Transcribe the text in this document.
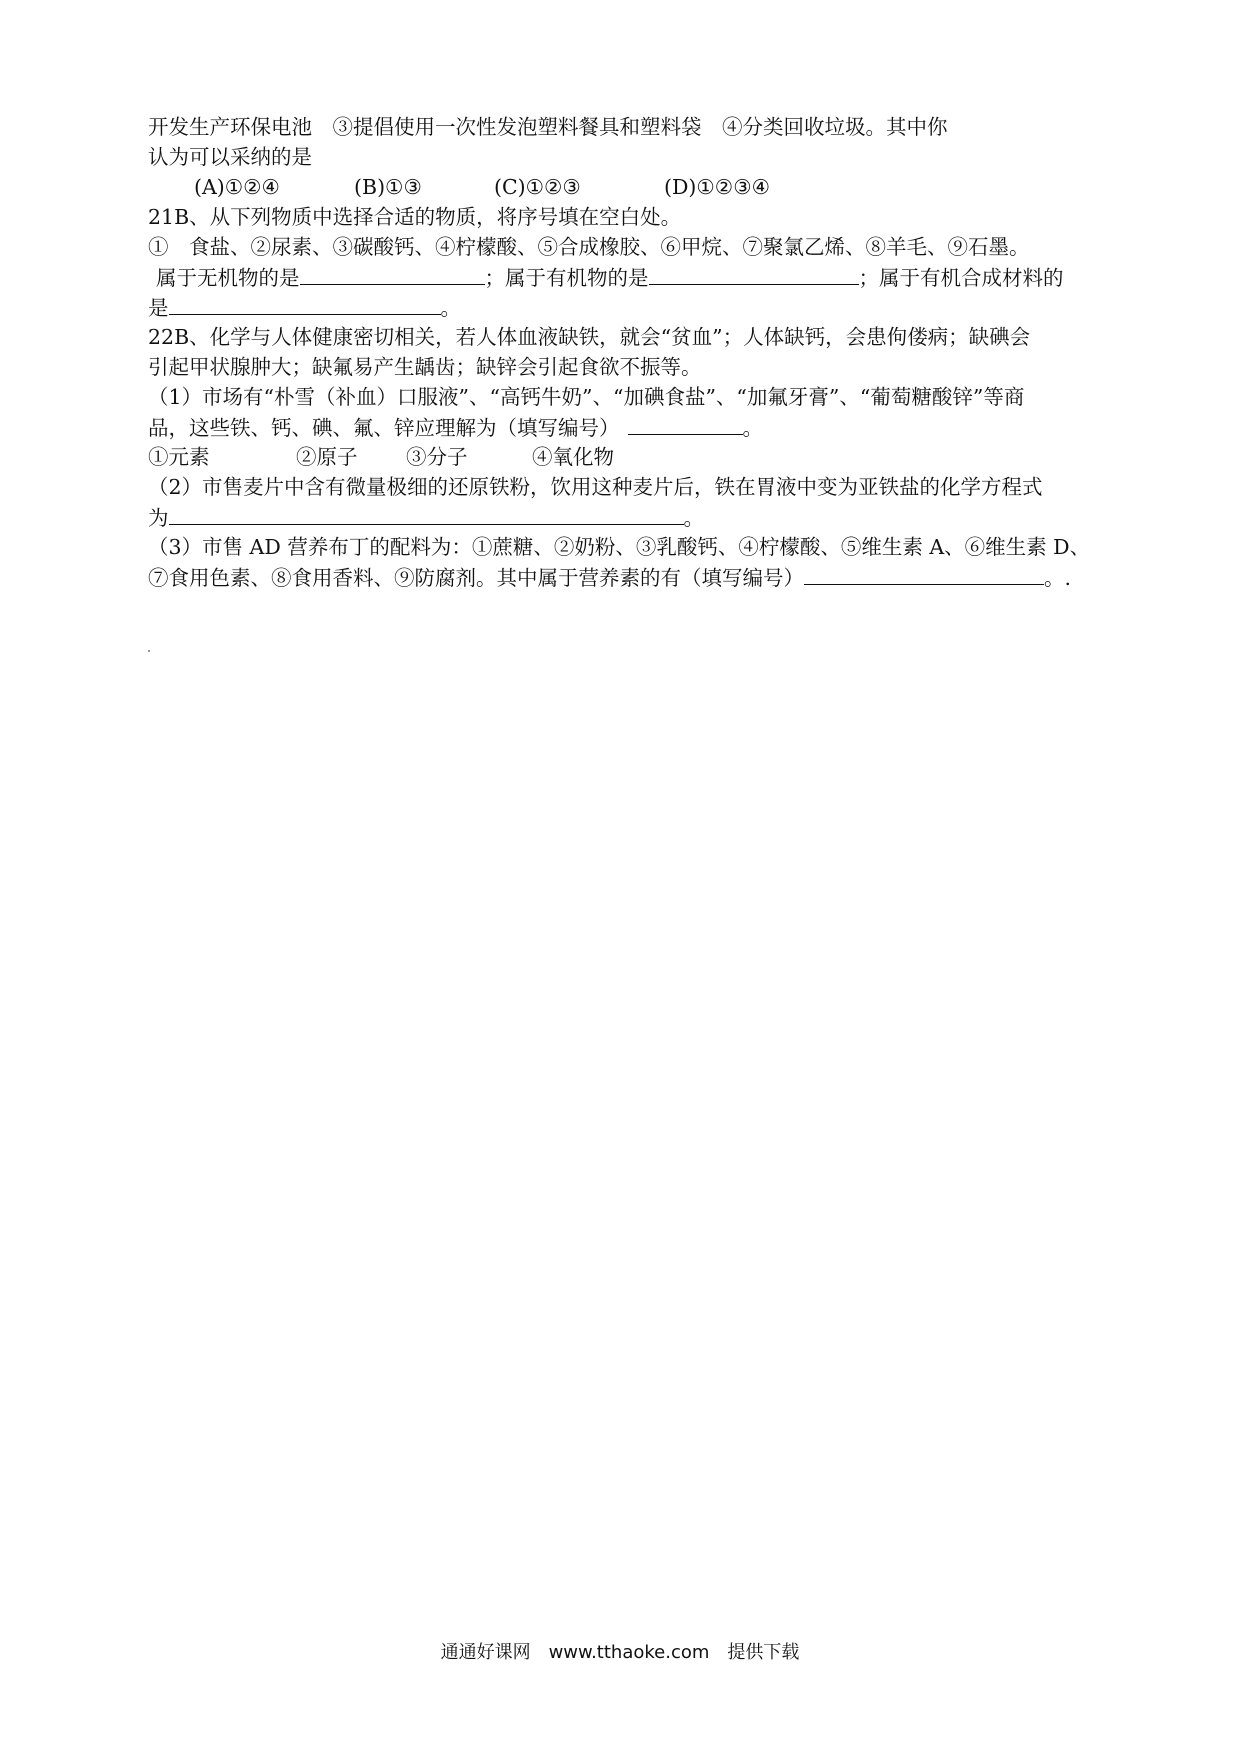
开发生产环保电池　③提倡使用一次性发泡塑料餐具和塑料袋　④分类回收垃圾。其中你
认为可以采纳的是
(A)①②④	(B)①③	(C)①②③	(D)①②③④
21B、从下列物质中选择合适的物质，将序号填在空白处。
①　食盐、②尿素、③碳酸钙、④柠檬酸、⑤合成橡胶、⑥甲烷、⑦聚氯乙烯、⑧羊毛、⑨石墨。
属于无机物的是	；属于有机物的是	；属于有机合成材料的
是	。
22B、化学与人体健康密切相关，若人体血液缺铁，就会“贫血”；人体缺钙，会患佝偻病；缺碘会
引起甲状腺肿大；缺氟易产生龋齿；缺锌会引起食欲不振等。
（1）市场有“朴雪（补血）口服液”、“高钙牛奶”、“加碘食盐”、“加氟牙膏”、“葡萄糖酸锌”等商
品，这些铁、钙、碘、氟、锌应理解为（填写编号）	。
①元素	②原子 ③分子	④氧化物
（2）市售麦片中含有微量极细的还原铁粉，饮用这种麦片后，铁在胃液中变为亚铁盐的化学方程式
为	。
（3）市售 AD 营养布丁的配料为：①蔗糖、②奶粉、③乳酸钙、④柠檬酸、⑤维生素 A、⑥维生素 D、
⑦食用色素、⑧食用香料、⑨防腐剂。其中属于营养素的有（填写编号）	。.
通通好课网　www.tthaoke.com　提供下载
